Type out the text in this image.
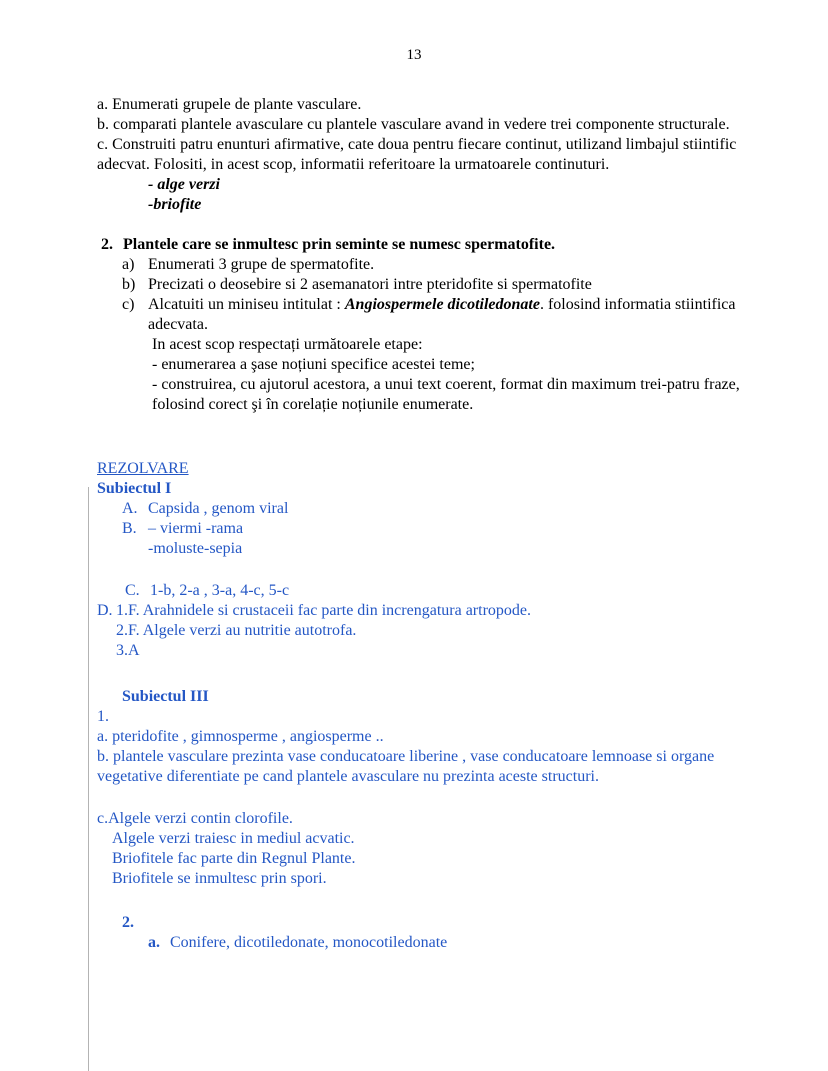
13

a. Enumerati grupele de plante vasculare.

b. comparati plantele avasculare cu plantele vasculare avand in vedere trei componente structurale.

c. Construiti patru enunturi afirmative, cate doua pentru fiecare continut, utilizand limbajul stiintific adecvat. Folositi, in acest scop, informatii referitoare la urmatoarele continuturi.

- alge verzi

-briofite

2. Plantele care se inmultesc prin seminte se numesc spermatofite.
a) Enumerati 3 grupe de spermatofite.
b) Precizati o deosebire si 2 asemanatori intre pteridofite si spermatofite
c) Alcatuiti un miniseu intitulat : Angiospermele dicotiledonate. folosind informatia stiintifica adecvata.

In acest scop respectați următoarele etape:

- enumerarea a şase noțiuni specifice acestei teme;

- construirea, cu ajutorul acestora, a unui text coerent, format din maximum trei-patru fraze, folosind corect şi în corelație noțiunile enumerate.

REZOLVARE

Subiectul I

A. Capsida , genom viral
B. – viermi -rama

-moluste-sepia

C. 1-b, 2-a , 3-a, 4-c, 5-c
D. 1.F. Arahnidele si crustaceii fac parte din increngatura artropode.

2.F. Algele verzi au nutritie autotrofa.

3.A

Subiectul III

1.

a. pteridofite , gimnosperme , angiosperme ..

b. plantele vasculare prezinta vase conducatoare liberine , vase conducatoare lemnoase si organe vegetative diferentiate pe cand plantele avasculare nu prezinta aceste structuri.

c.Algele verzi contin clorofile.

Algele verzi traiesc in mediul acvatic.

Briofitele fac parte din Regnul Plante.

Briofitele se inmultesc prin spori.

2.

a. Conifere, dicotiledonate, monocotiledonate
